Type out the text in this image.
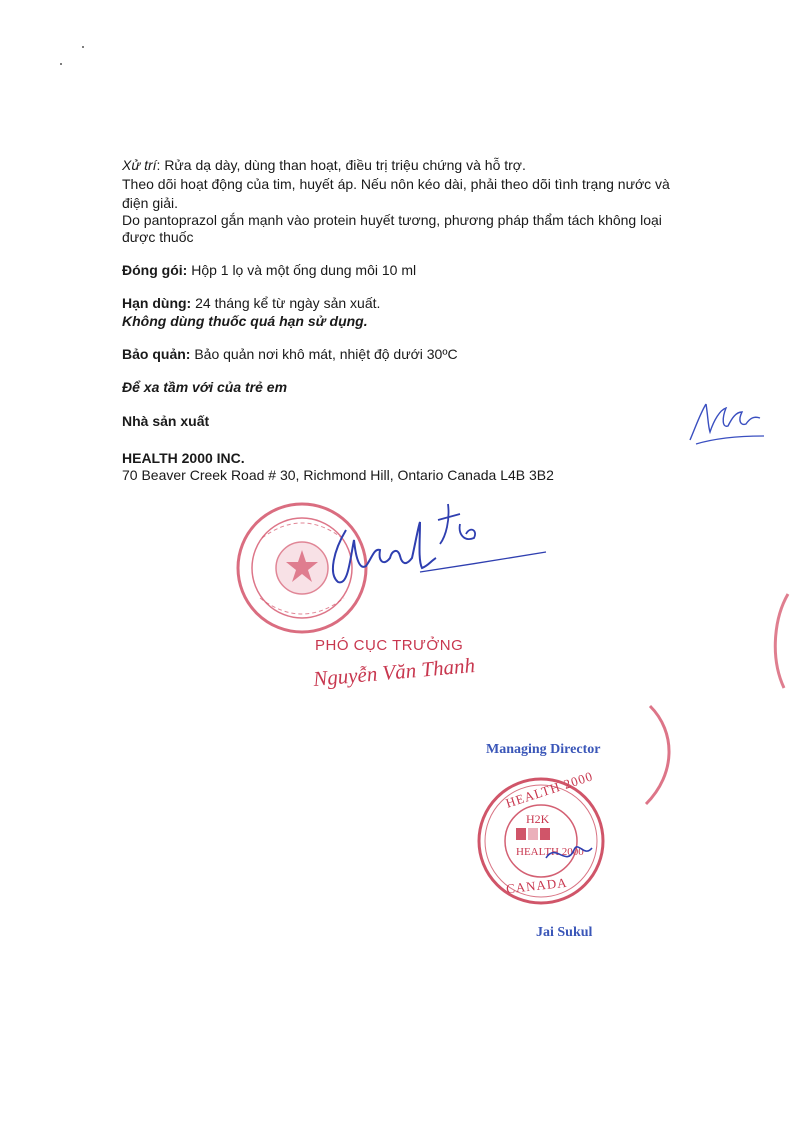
Xử trí: Rửa dạ dày, dùng than hoạt, điều trị triệu chứng và hỗ trợ.
Theo dõi hoạt động của tim, huyết áp. Nếu nôn kéo dài, phải theo dõi tình trạng nước và
điện giải.
Do pantoprazol gắn mạnh vào protein huyết tương, phương pháp thẩm tách không loại
được thuốc
Đóng gói: Hộp 1 lọ và một ống dung môi 10 ml
Hạn dùng: 24 tháng kể từ ngày sản xuất.
Không dùng thuốc quá hạn sử dụng.
Bảo quản: Bảo quản nơi khô mát, nhiệt độ dưới 30ºC
Để xa tầm với của trẻ em
Nhà sản xuất
HEALTH 2000 INC.
70 Beaver Creek Road # 30, Richmond Hill, Ontario Canada L4B 3B2
PHÓ CỤC TRƯỞNG
Nguyễn Văn Thanh
Managing Director
HEALTH 2000
H2K
HEALTH 2000
CANADA
Jai Sukul
